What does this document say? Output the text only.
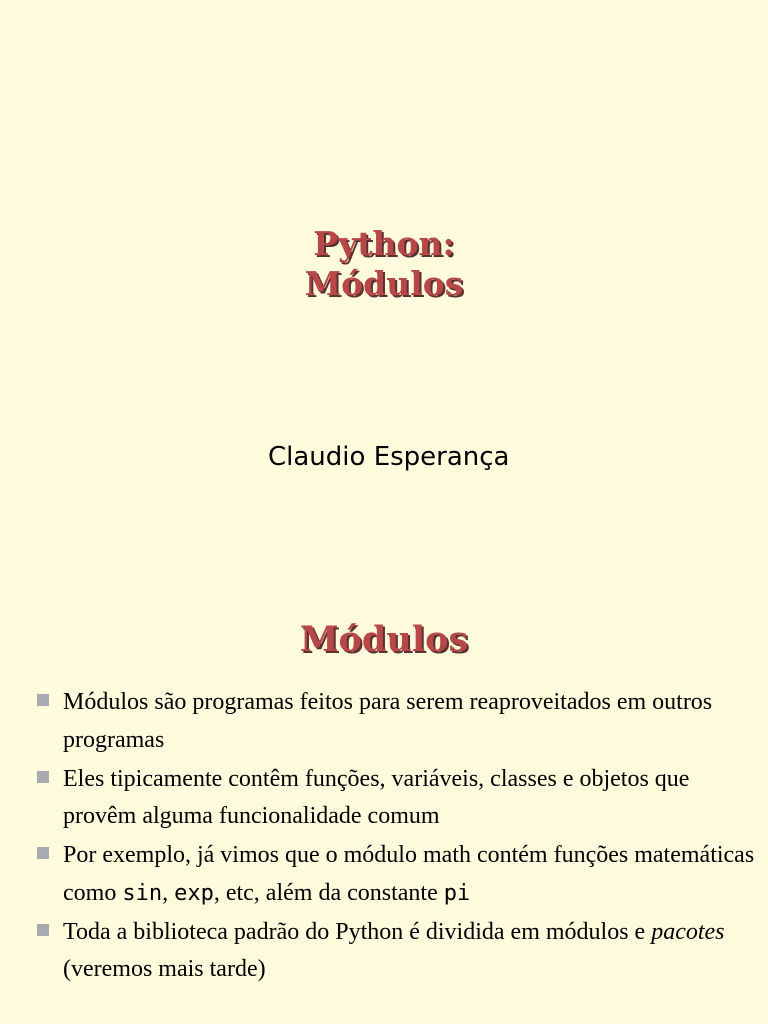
Python:
Módulos
Claudio Esperança
Módulos
Módulos são programas feitos para serem reaproveitados em outros programas
Eles tipicamente contêm funções, variáveis, classes e objetos que provêm alguma funcionalidade comum
Por exemplo, já vimos que o módulo math contém funções matemáticas como sin, exp, etc, além da constante pi
Toda a biblioteca padrão do Python é dividida em módulos e pacotes (veremos mais tarde)
